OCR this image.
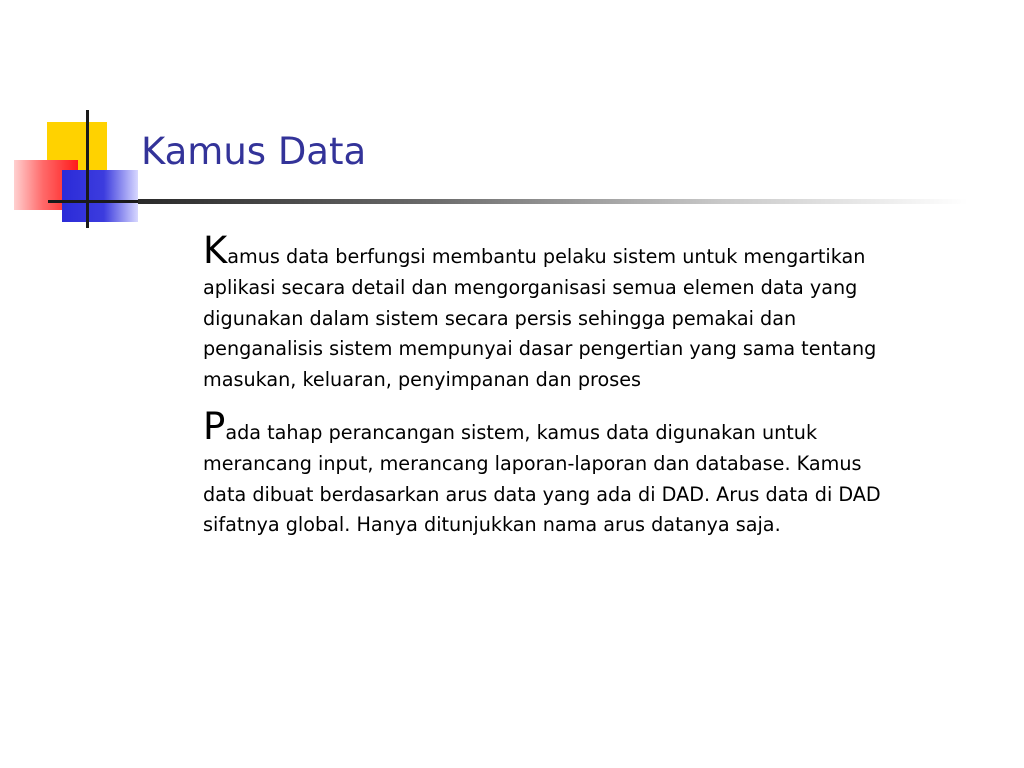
Kamus Data

Kamus data berfungsi membantu pelaku sistem untuk mengartikan aplikasi secara detail dan mengorganisasi semua elemen data yang digunakan dalam sistem secara persis sehingga pemakai dan penganalisis sistem mempunyai dasar pengertian yang sama tentang masukan, keluaran, penyimpanan dan proses

Pada tahap perancangan sistem, kamus data digunakan untuk merancang input, merancang laporan-laporan dan database. Kamus data dibuat berdasarkan arus data yang ada di DAD. Arus data di DAD sifatnya global. Hanya ditunjukkan nama arus datanya saja.
